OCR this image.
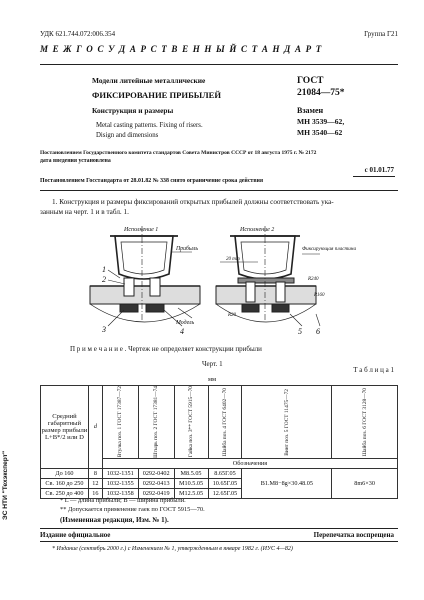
УДК 621.744.072:006.354	Группа Г21
М Е Ж Г О С У Д А Р С Т В Е Н Н Ы Й С Т А Н Д А Р Т
Модели литейные металлические
ФИКСИРОВАНИЕ ПРИБЫЛЕЙ
Конструкция и размеры
Metal casting patterns. Fixing of risers.
Disign and dimensions
ГОСТ
21084—75*
Взамен
МН 3539—62,
МН 3540—62
Постановлением Государственного комитета стандартов Совета Министров СССР от 18 августа 1975 г. № 2172
дата введения установлена
с 01.01.77
Постановлением Госстандарта от 28.01.82 № 338 снято ограничение срока действия
1. Конструкция и размеры фиксирований открытых прибылей должны соответствовать ука-
занным на черт. 1 и в табл. 1.
Исполнение 1	Исполнение 2
Прибыль	Фиксирующая пластина
Модель
20 min
R240
R160
R20
1
2
3	4	5 6
П р и м е ч а н и е . Чертеж не определяет конструкции прибыли
Черт. 1
Т а б л и ц а 1
мм
Средний
габаритный
размер прибыли
L+B*/2 или D	d	Втулка поз. 1 ГОСТ 17387—72	Штырь поз. 2 ГОСТ 17381—74	Гайка поз. 3** ГОСТ 5915—70	Шайба поз. 4 ГОСТ 6402—70	Винт поз. 5 ГОСТ 11475—72	Шайба поз. 6 ГОСТ 3128—70

		Обозначения					
До 160	8	1032-1351	0292-0402	М8.5.05	8.65Г.05	В1.М8−8g×30.48.05	8m6×30
Св. 160 до 250	12	1032-1355	0292-0413	М10.5.05	10.65Г.05		
Св. 250 до 400	16	1032-1358	0292-0419	М12.5.05	12.65Г.05		
* L — длина прибыли; B — ширина прибыли.
** Допускается применение гаек по ГОСТ 5915—70.
(Измененная редакция, Изм. № 1).
Издание официальное	Перепечатка воспрещена
* Издание (сентябрь 2000 г.) с Изменением № 1, утвержденным в январе 1982 г. (ИУС 4—82)
ЭС НТИ "Техэксперт"
